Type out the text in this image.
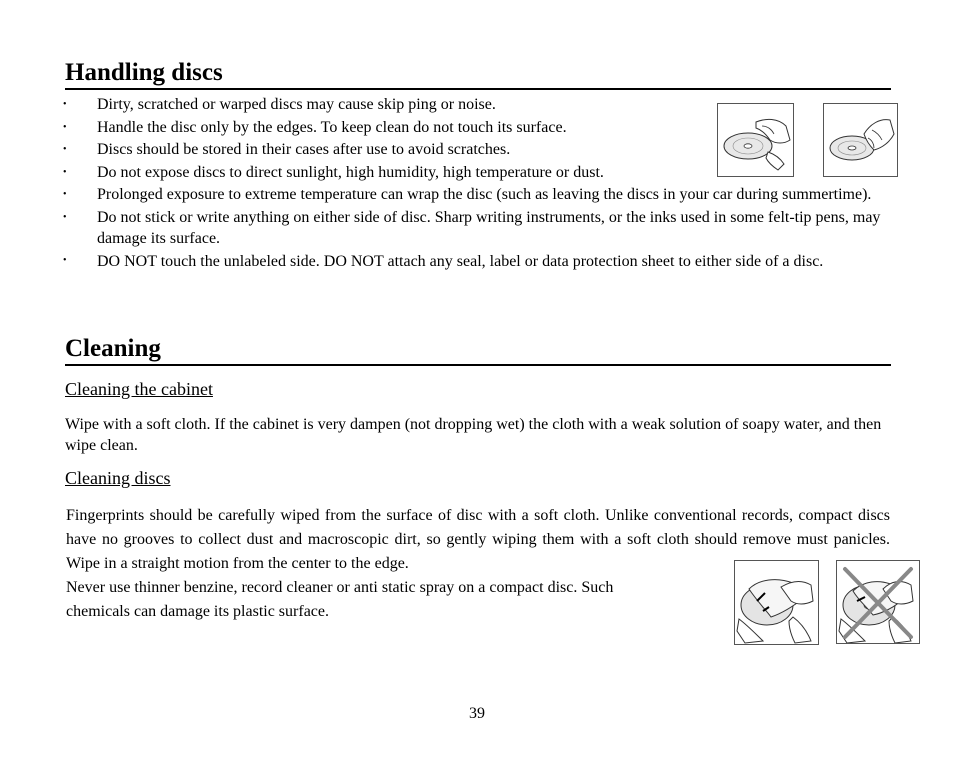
Handling discs
• Dirty, scratched or warped discs may cause skip ping or noise.
• Handle the disc only by the edges. To keep clean do not touch its surface.
• Discs should be stored in their cases after use to avoid scratches.
• Do not expose discs to direct sunlight, high humidity, high temperature or dust.
• Prolonged exposure to extreme temperature can wrap the disc (such as leaving the discs in your car during summertime).
• Do not stick or write anything on either side of disc. Sharp writing instruments, or the inks used in some felt-tip pens, may damage its surface.
• DO NOT touch the unlabeled side. DO NOT attach any seal, label or data protection sheet to either side of a disc.
Cleaning
Cleaning the cabinet
Wipe with a soft cloth. If the cabinet is very dampen (not dropping wet) the cloth with a weak solution of soapy water, and then wipe clean.
Cleaning discs
Fingerprints should be carefully wiped from the surface of disc with a soft cloth. Unlike conventional records, compact discs have no grooves to collect dust and macroscopic dirt, so gently wiping them with a soft cloth should remove must panicles. Wipe in a straight motion from the center to the edge.
Never use thinner benzine, record cleaner or anti static spray on a compact disc. Such chemicals can damage its plastic surface.
39
